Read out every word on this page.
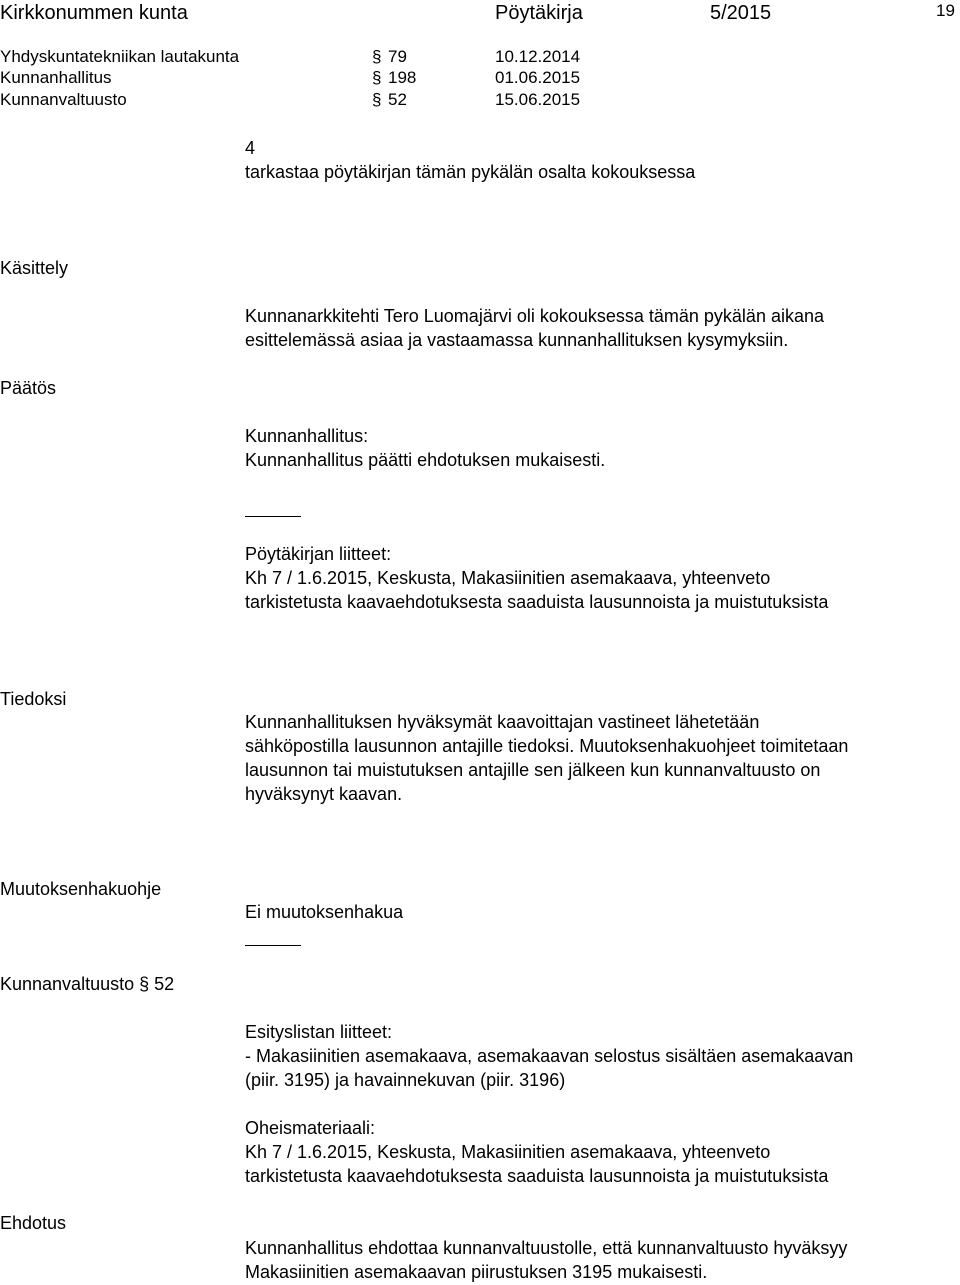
Kirkkonummen kunta	Pöytäkirja	5/2015	19
Yhdyskuntatekniikan lautakunta	§ 79	10.12.2014
Kunnanhallitus	§ 198	01.06.2015
Kunnanvaltuusto	§ 52	15.06.2015
4
tarkastaa pöytäkirjan tämän pykälän osalta kokouksessa
Käsittely
Kunnanarkkitehti Tero Luomajärvi oli kokouksessa tämän pykälän aikana
esittelemässä asiaa ja vastaamassa kunnanhallituksen kysymyksiin.
Päätös
Kunnanhallitus:
Kunnanhallitus päätti ehdotuksen mukaisesti.
Pöytäkirjan liitteet:
Kh 7 / 1.6.2015, Keskusta, Makasiinitien asemakaava, yhteenveto
tarkistetusta kaavaehdotuksesta saaduista lausunnoista ja muistutuksista
Tiedoksi
Kunnanhallituksen hyväksymät kaavoittajan vastineet lähetetään
sähköpostilla lausunnon antajille tiedoksi. Muutoksenhakuohjeet toimitetaan
lausunnon tai muistutuksen antajille sen jälkeen kun kunnanvaltuusto on
hyväksynyt kaavan.
Muutoksenhakuohje
Ei muutoksenhakua
Kunnanvaltuusto § 52
Esityslistan liitteet:
- Makasiinitien asemakaava, asemakaavan selostus sisältäen asemakaavan
(piir. 3195) ja havainnekuvan (piir. 3196)
Oheismateriaali:
Kh 7 / 1.6.2015, Keskusta, Makasiinitien asemakaava, yhteenveto
tarkistetusta kaavaehdotuksesta saaduista lausunnoista ja muistutuksista
Ehdotus
Kunnanhallitus ehdottaa kunnanvaltuustolle, että kunnanvaltuusto hyväksyy
Makasiinitien asemakaavan piirustuksen 3195 mukaisesti.
